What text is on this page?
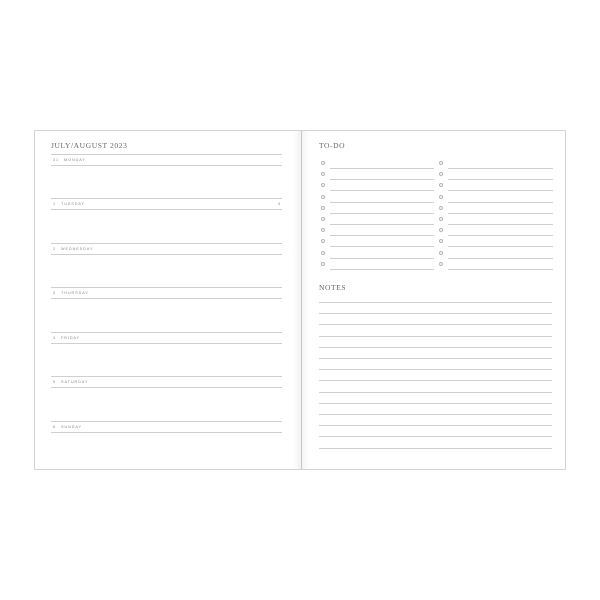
JULY/AUGUST 2023
31 MONDAY
1 TUESDAY	3
2 WEDNESDAY
3 THURSDAY
4 FRIDAY
5 SATURDAY
6 SUNDAY
TO-DO
NOTES
